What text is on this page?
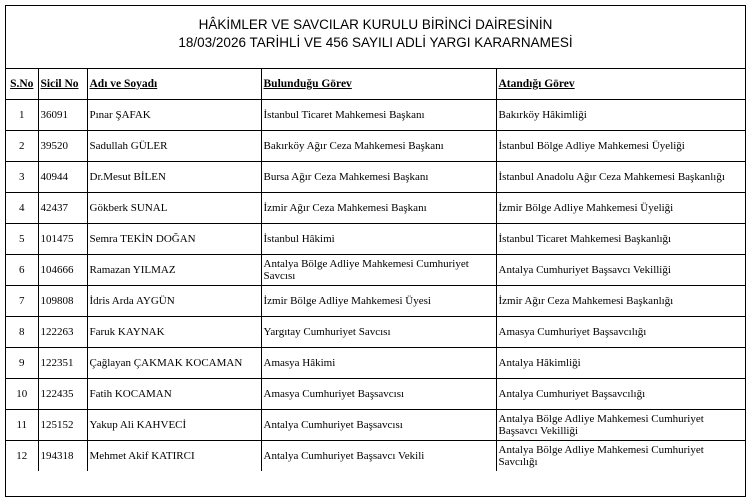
HÂKİMLER VE SAVCILAR KURULU BİRİNCİ DAİRESİNİN
18/03/2026 TARİHLİ VE 456 SAYILI ADLİ YARGI KARARNAMESİ
S.No	Sicil No	Adı ve Soyadı	Bulunduğu Görev	Atandığı Görev
1	36091	Pınar ŞAFAK	İstanbul Ticaret Mahkemesi Başkanı	Bakırköy Hâkimliği
2	39520	Sadullah GÜLER	Bakırköy Ağır Ceza Mahkemesi Başkanı	İstanbul Bölge Adliye Mahkemesi Üyeliği
3	40944	Dr.Mesut BİLEN	Bursa Ağır Ceza Mahkemesi Başkanı	İstanbul Anadolu Ağır Ceza Mahkemesi Başkanlığı
4	42437	Gökberk SUNAL	İzmir Ağır Ceza Mahkemesi Başkanı	İzmir Bölge Adliye Mahkemesi Üyeliği
5	101475	Semra TEKİN DOĞAN	İstanbul Hâkimi	İstanbul Ticaret Mahkemesi Başkanlığı
6	104666	Ramazan YILMAZ	Antalya Bölge Adliye Mahkemesi Cumhuriyet Savcısı	Antalya Cumhuriyet Başsavcı Vekilliği
7	109808	İdris Arda AYGÜN	İzmir Bölge Adliye Mahkemesi Üyesi	İzmir Ağır Ceza Mahkemesi Başkanlığı
8	122263	Faruk KAYNAK	Yargıtay Cumhuriyet Savcısı	Amasya Cumhuriyet Başsavcılığı
9	122351	Çağlayan ÇAKMAK KOCAMAN	Amasya Hâkimi	Antalya Hâkimliği
10	122435	Fatih KOCAMAN	Amasya Cumhuriyet Başsavcısı	Antalya Cumhuriyet Başsavcılığı
11	125152	Yakup Ali KAHVECİ	Antalya Cumhuriyet Başsavcısı	Antalya Bölge Adliye Mahkemesi Cumhuriyet Başsavcı Vekilliği
12	194318	Mehmet Akif KATIRCI	Antalya Cumhuriyet Başsavcı Vekili	Antalya Bölge Adliye Mahkemesi Cumhuriyet Savcılığı
